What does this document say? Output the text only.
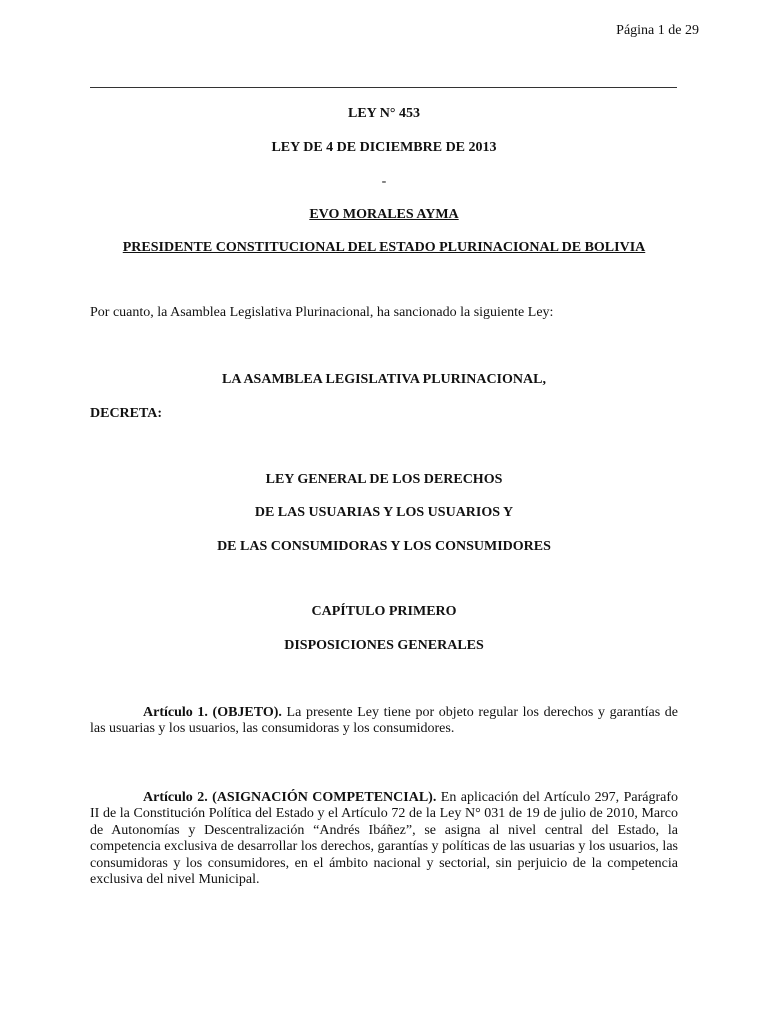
Página 1 de 29
LEY N° 453
LEY DE 4 DE DICIEMBRE DE 2013
-
EVO MORALES AYMA
PRESIDENTE CONSTITUCIONAL DEL ESTADO PLURINACIONAL DE BOLIVIA
Por cuanto, la Asamblea Legislativa Plurinacional, ha sancionado la siguiente Ley:
LA ASAMBLEA LEGISLATIVA PLURINACIONAL,
DECRETA:
LEY GENERAL DE LOS DERECHOS
DE LAS USUARIAS Y LOS USUARIOS Y
DE LAS CONSUMIDORAS Y LOS CONSUMIDORES
CAPÍTULO PRIMERO
DISPOSICIONES GENERALES
Artículo 1. (OBJETO). La presente Ley tiene por objeto regular los derechos y garantías de las usuarias y los usuarios, las consumidoras y los consumidores.
Artículo 2. (ASIGNACIÓN COMPETENCIAL). En aplicación del Artículo 297, Parágrafo II de la Constitución Política del Estado y el Artículo 72 de la Ley N° 031 de 19 de julio de 2010, Marco de Autonomías y Descentralización “Andrés Ibáñez”, se asigna al nivel central del Estado, la competencia exclusiva de desarrollar los derechos, garantías y políticas de las usuarias y los usuarios, las consumidoras y los consumidores, en el ámbito nacional y sectorial, sin perjuicio de la competencia exclusiva del nivel Municipal.
